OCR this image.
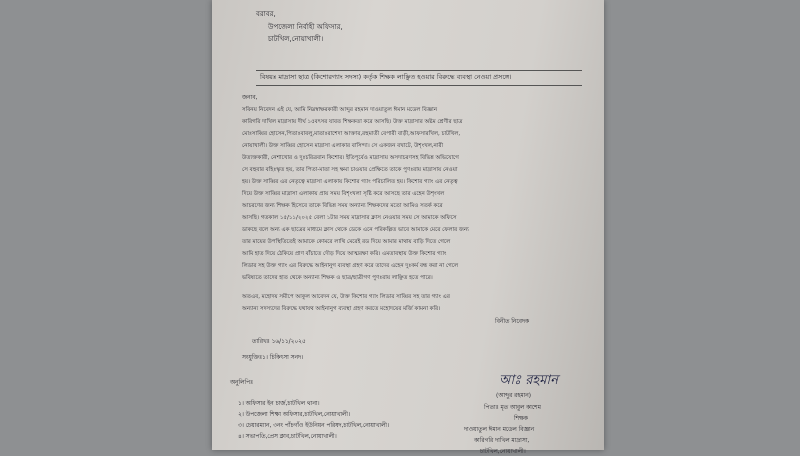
বরাবর,
উপজেলা নির্বাহী অফিসার,
চাটখিল,নোয়াখালী।
বিষয়ঃ মাদ্রাসা ছাত্র (কিশোরগ্যাং সদস্য) কর্তৃক শিক্ষক লাঞ্ছিত হওয়ার বিরুদ্ধে ব্যবস্থা নেওয়া প্রসঙ্গে।
জনাব,
সবিনয় নিবেদন এই যে, আমি নিম্নস্বাক্ষরকারী আব্দুর রহমান দাওয়াতুল ঈমান মডেল বিজ্ঞান
কারিগরি দাখিল মাদ্রাসায় দীর্ঘ ১৫বৎসর যাবত শিক্ষকতা করে আসছি। উক্ত মাদ্রাসার অষ্টম শ্রেণীর ছাত্র
মোঃসাব্বির হোসেন,পিতাঃবাবলু,মাতাঃরাশেদা আক্তার,রহুমাতী বেপারী বাড়ী,আফসারখিল, চাটখিল,
নোয়াখালী। উক্ত সাব্বির হোসেন মাদ্রাসা এলাকার বাসিন্দা। সে একজন বখাটে, উশৃংখল,নারী
উত্যক্তকারী, নেশাখোর ও দুঃচরিত্রবান কিশোর। ইতিপূর্বেও মাদ্রাসায় অসদাচরণসহ বিভিন্ন অভিযোগে
সে বহুবার বহিঃস্কৃত হয়, তার পিতা-মাতা সহ ক্ষমা চাওয়ার প্রেক্ষিতে তাকে পুণঃরায় মাদ্রাসায় নেওয়া
হয়। উক্ত সাব্বির এর নেতৃত্বে মাদ্রাসা এলাকায় কিশোর গ্যাং পরিচালিত হয়। কিশোর গ্যাং এর নেতৃত্ব
দিয়ে উক্ত সাব্বির মাদ্রাসা এলাকায় প্রায় সময় বিশৃংখলা সৃষ্টি করে আসছে তার এহেন উশৃংখল
আচরণের জন্য শিক্ষক হিসেবে তাকে বিভিন্ন সময় অন্যান্য শিক্ষকদের মতো আমিও সতর্ক করে
আসছি। গতকাল ১৫/১১/২০২৫ বেলা ১টার সময় মাদ্রাসার ক্লাস নেওয়ার সময় সে আমাকে অফিসে
ডাকছে বলে অন্য এক ছাত্রের মাধ্যমে ক্লাস থেকে ডেকে এনে পরিকল্পিত ভাবে আমাকে মেরে ফেলার জন্য
তার মায়ের উপস্থিতিতেই আমাকে কোমরে লাথি মেরেই রড দিয়ে আমার মাথায় বাড়ি দিতে গেলে
আমি হাত দিয়ে ঠেকিয়ে প্রাণ বাঁচাতে দৌড় দিয়ে আত্মরক্ষা করি। এমতাবস্থায় উক্ত কিশোর গ্যাং
লিডার সহ উক্ত গ্যাং এর বিরুদ্ধে আইনানুগ ব্যবস্থা গ্রহণ করে তাদের এহেন দুঃকর্ম বন্ধ করা না গেলে
ভবিষ্যতে তাদের হাত থেকে অন্যান্য শিক্ষক ও ছাত্র/ছাত্রীগণ পুণঃরায় লাঞ্ছিত হতে পারে।
অতএব, মহোদয় সমীপে আকুল আবেদন যে, উক্ত কিশোর গ্যাং লিডার সাব্বির সহ তার গ্যাং এর
অন্যান্য সদস্যদের বিরুদ্ধে যথাযথ আইনানুগ ব্যবস্থা গ্রহণ করতে মহোদয়ের মর্জি কামনা করি।
বিনীত নিবেদক
তারিখঃ ১৬/১১/২০২৫
সংযুক্তিঃ১। চিকিৎসা সনদ।
আঃ রহমান
(আব্দুর রহমান)
পিতাঃ মৃত আবুল কাশেম
শিক্ষক
দাওয়াতুল ঈমান মডেল বিজ্ঞান
কারিগরি দাখিল মাদ্রাসা,
চাটখিল,নোয়াখালী।
অনুলিপিঃ
১। অফিসার ইন চার্জ,চাটখিল থানা।
২। উপজেলা শিক্ষা অফিসার,চাটখিল,নোয়াখালী।
৩। চেয়ারম্যান, ৩নং পাঁচগাঁও ইউনিয়ন পরিষদ,চাটখিল,নোয়াখালী।
৪। সভাপতি,প্রেস ক্লাব,চাটখিল,নোয়াখালী।
